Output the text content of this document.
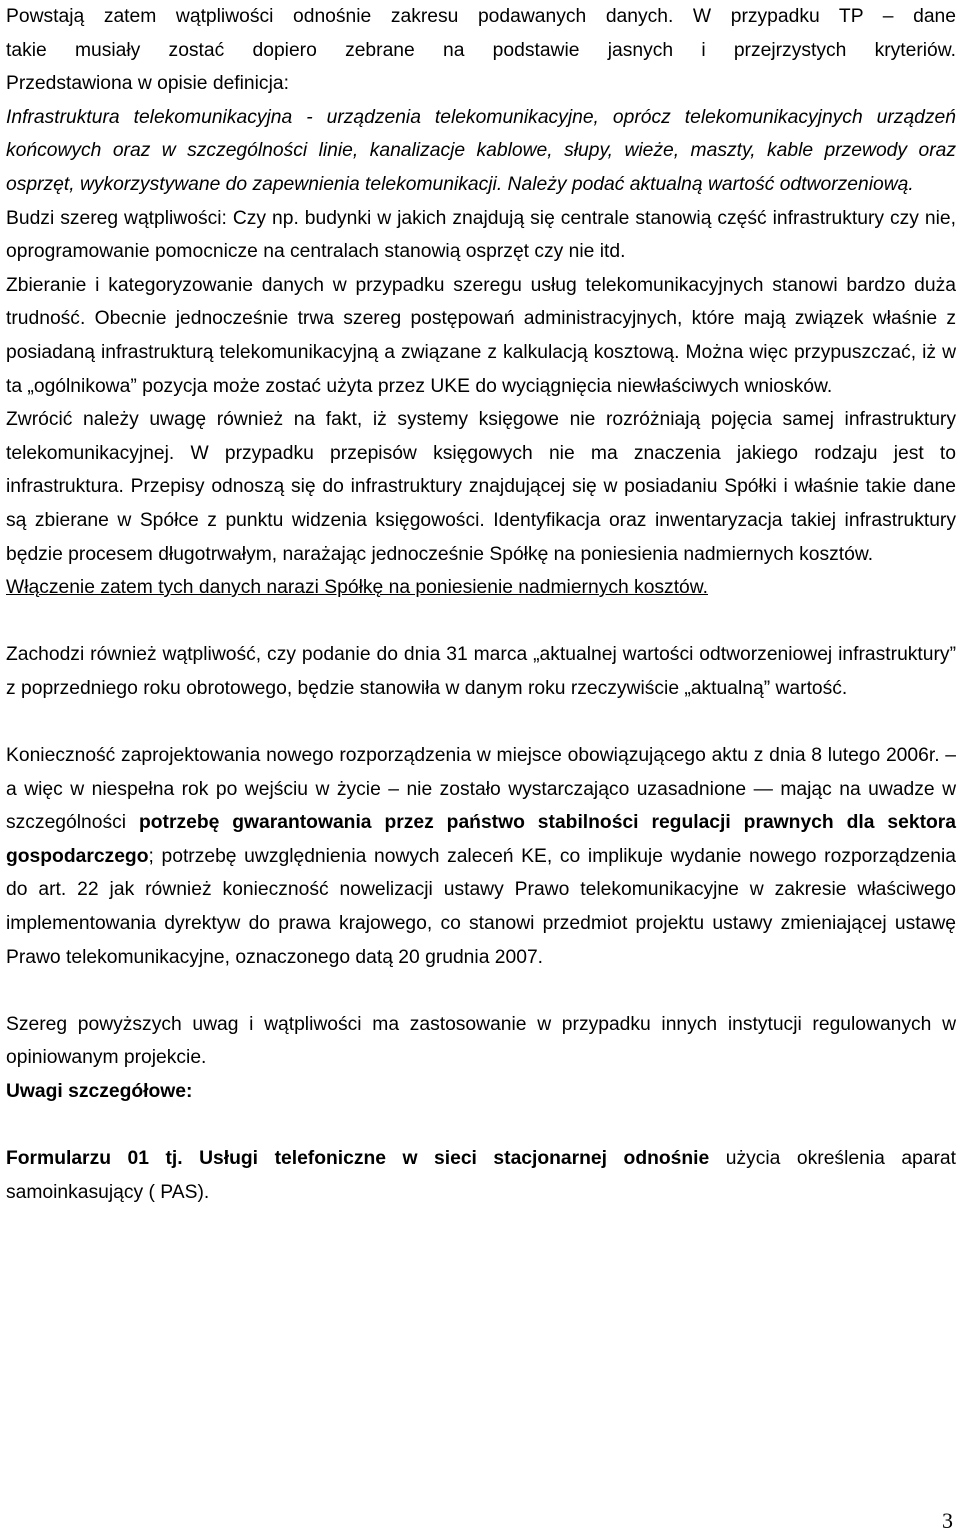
Powstają zatem wątpliwości odnośnie zakresu podawanych danych. W przypadku TP – dane

takie musiały zostać dopiero zebrane na podstawie jasnych i przejrzystych kryteriów.

Przedstawiona w opisie definicja:

Infrastruktura telekomunikacyjna - urządzenia telekomunikacyjne, oprócz telekomunikacyjnych urządzeń końcowych oraz w szczególności linie, kanalizacje kablowe, słupy, wieże, maszty, kable przewody oraz osprzęt, wykorzystywane do zapewnienia telekomunikacji. Należy podać aktualną wartość odtworzeniową.

Budzi szereg wątpliwości: Czy np. budynki w jakich znajdują się centrale stanowią część infrastruktury czy nie, oprogramowanie pomocnicze na centralach stanowią osprzęt czy nie itd.

Zbieranie i kategoryzowanie danych w przypadku szeregu usług telekomunikacyjnych stanowi bardzo duża trudność. Obecnie jednocześnie trwa szereg postępowań administracyjnych, które mają związek właśnie z posiadaną infrastrukturą telekomunikacyjną a związane z kalkulacją kosztową. Można więc przypuszczać, iż w ta „ogólnikowa” pozycja może zostać użyta przez UKE do wyciągnięcia niewłaściwych wniosków.

Zwrócić należy uwagę również na fakt, iż systemy księgowe nie rozróżniają pojęcia samej infrastruktury telekomunikacyjnej. W przypadku przepisów księgowych nie ma znaczenia jakiego rodzaju jest to infrastruktura. Przepisy odnoszą się do infrastruktury znajdującej się w posiadaniu Spółki i właśnie takie dane są zbierane w Spółce z punktu widzenia księgowości. Identyfikacja oraz inwentaryzacja takiej infrastruktury będzie procesem długotrwałym, narażając jednocześnie Spółkę na poniesienia nadmiernych kosztów.

Włączenie zatem tych danych narazi Spółkę na poniesienie nadmiernych kosztów.

Zachodzi również wątpliwość, czy podanie do dnia 31 marca „aktualnej wartości odtworzeniowej infrastruktury” z poprzedniego roku obrotowego, będzie stanowiła w danym roku rzeczywiście „aktualną” wartość.

Konieczność zaprojektowania nowego rozporządzenia w miejsce obowiązującego aktu z dnia 8 lutego 2006r. – a więc w niespełna rok po wejściu w życie – nie zostało wystarczająco uzasadnione — mając na uwadze w szczególności potrzebę gwarantowania przez państwo stabilności regulacji prawnych dla sektora gospodarczego; potrzebę uwzględnienia nowych zaleceń KE, co implikuje wydanie nowego rozporządzenia do art. 22 jak również konieczność nowelizacji ustawy Prawo telekomunikacyjne w zakresie właściwego implementowania dyrektyw do prawa krajowego, co stanowi przedmiot projektu ustawy zmieniającej ustawę Prawo telekomunikacyjne, oznaczonego datą 20 grudnia 2007.

Szereg powyższych uwag i wątpliwości ma zastosowanie w przypadku innych instytucji regulowanych w opiniowanym projekcie.

Uwagi szczegółowe:

Formularzu 01 tj. Usługi telefoniczne w sieci stacjonarnej odnośnie użycia określenia aparat samoinkasujący ( PAS).

3
